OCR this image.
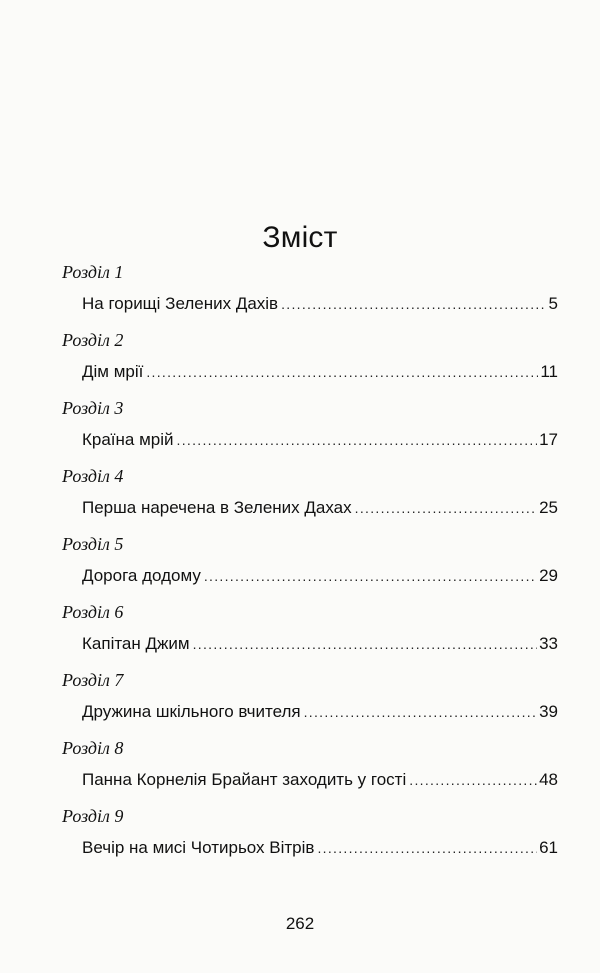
Зміст
Розділ 1
На горищі Зелених Дахів .....	5
Розділ 2
Дім мрії .....	11
Розділ 3
Країна мрій .....	17
Розділ 4
Перша наречена в Зелених Дахах .....	25
Розділ 5
Дорога додому .....	29
Розділ 6
Капітан Джим .....	33
Розділ 7
Дружина шкільного вчителя .....	39
Розділ 8
Панна Корнелія Брайант заходить у гості .....	48
Розділ 9
Вечір на мисі Чотирьох Вітрів .....	61
262
